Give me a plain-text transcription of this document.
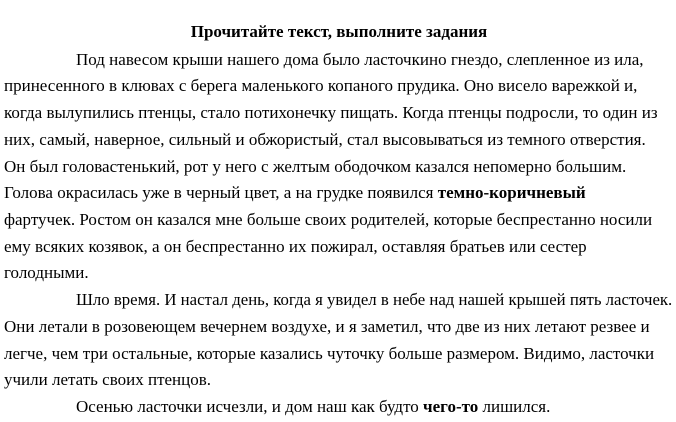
Прочитайте текст, выполните задания
Под навесом крыши нашего дома было ласточкино гнездо, слепленное из ила,
принесенного в клювах с берега маленького копаного прудика. Оно висело варежкой и,
когда вылупились птенцы, стало потихонечку пищать. Когда птенцы подросли, то один из
них, самый, наверное, сильный и обжористый, стал высовываться из темного отверстия.
Он был головастенький, рот у него с желтым ободочком казался непомерно большим.
Голова окрасилась уже в черный цвет, а на грудке появился темно-коричневый
фартучек. Ростом он казался мне больше своих родителей, которые беспрестанно носили
ему всяких козявок, а он беспрестанно их пожирал, оставляя братьев или сестер
голодными.
Шло время. И настал день, когда я увидел в небе над нашей крышей пять ласточек.
Они летали в розовеющем вечернем воздухе, и я заметил, что две из них летают резвее и
легче, чем три остальные, которые казались чуточку больше размером. Видимо, ласточки
учили летать своих птенцов.
Осенью ласточки исчезли, и дом наш как будто чего-то лишился.
